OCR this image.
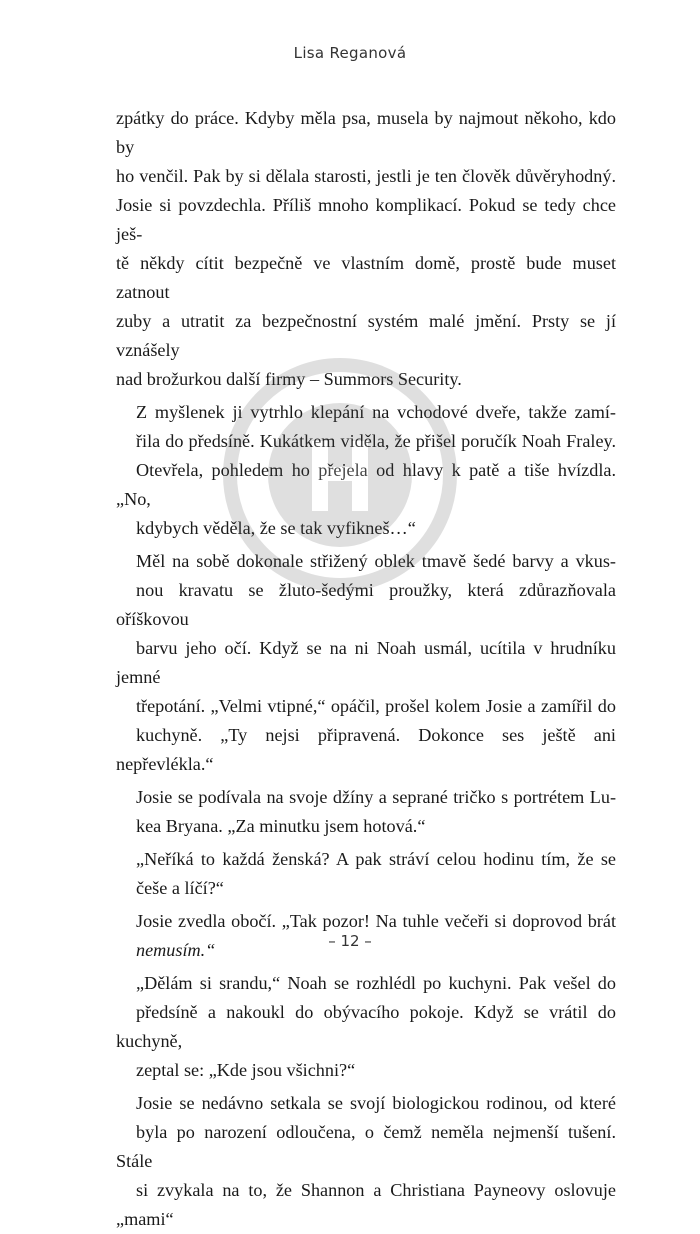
Lisa Reganová

zpátky do práce. Kdyby měla psa, musela by najmout někoho, kdo by
ho venčil. Pak by si dělala starosti, jestli je ten člověk důvěryhodný.
Josie si povzdechla. Příliš mnoho komplikací. Pokud se tedy chce ješ-
tě někdy cítit bezpečně ve vlastním domě, prostě bude muset zatnout
zuby a utratit za bezpečnostní systém malé jmění. Prsty se jí vznášely
nad brožurkou další firmy – Summors Security.

Z myšlenek ji vytrhlo klepání na vchodové dveře, takže zamí-
řila do předsíně. Kukátkem viděla, že přišel poručík Noah Fraley.
Otevřela, pohledem ho přejela od hlavy k patě a tiše hvízdla. „No,
kdybych věděla, že se tak vyfikneš…“

Měl na sobě dokonale střižený oblek tmavě šedé barvy a vkus-
nou kravatu se žluto-šedými proužky, která zdůrazňovala oříškovou
barvu jeho očí. Když se na ni Noah usmál, ucítila v hrudníku jemné
třepotání. „Velmi vtipné,“ opáčil, prošel kolem Josie a zamířil do
kuchyně. „Ty nejsi připravená. Dokonce ses ještě ani nepřevlékla.“

Josie se podívala na svoje džíny a seprané tričko s portrétem Lu-
kea Bryana. „Za minutku jsem hotová.“

„Neříká to každá ženská? A pak stráví celou hodinu tím, že se
češe a líčí?“

Josie zvedla obočí. „Tak pozor! Na tuhle večeři si doprovod brát
nemusím.“

„Dělám si srandu,“ Noah se rozhlédl po kuchyni. Pak vešel do
předsíně a nakoukl do obývacího pokoje. Když se vrátil do kuchyně,
zeptal se: „Kde jsou všichni?“

Josie se nedávno setkala se svojí biologickou rodinou, od které
byla po narození odloučena, o čemž neměla nejmenší tušení. Stále
si zvykala na to, že Shannon a Christiana Payneovy oslovuje „mami“

– 12 –
